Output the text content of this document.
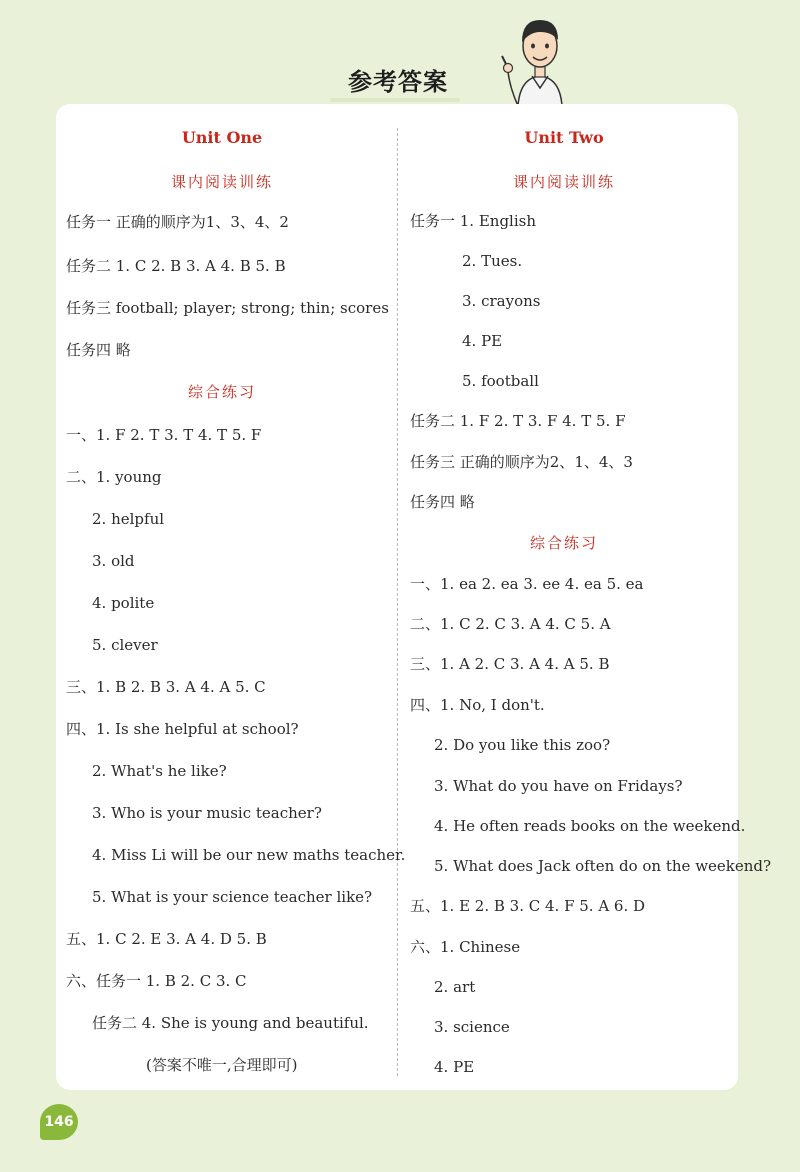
参考答案
Unit One
课内阅读训练
任务一 正确的顺序为1、3、4、2
任务二 1. C 2. B 3. A 4. B 5. B
任务三 football; player; strong; thin; scores
任务四 略
综合练习
一、1. F 2. T 3. T 4. T 5. F
二、1. young
2. helpful
3. old
4. polite
5. clever
三、1. B 2. B 3. A 4. A 5. C
四、1. Is she helpful at school?
2. What's he like?
3. Who is your music teacher?
4. Miss Li will be our new maths teacher.
5. What is your science teacher like?
五、1. C 2. E 3. A 4. D 5. B
六、任务一 1. B 2. C 3. C
任务二 4. She is young and beautiful.
(答案不唯一,合理即可)
Unit Two
课内阅读训练
任务一 1. English
2. Tues.
3. crayons
4. PE
5. football
任务二 1. F 2. T 3. F 4. T 5. F
任务三 正确的顺序为2、1、4、3
任务四 略
综合练习
一、1. ea 2. ea 3. ee 4. ea 5. ea
二、1. C 2. C 3. A 4. C 5. A
三、1. A 2. C 3. A 4. A 5. B
四、1. No, I don't.
2. Do you like this zoo?
3. What do you have on Fridays?
4. He often reads books on the weekend.
5. What does Jack often do on the weekend?
五、1. E 2. B 3. C 4. F 5. A 6. D
六、1. Chinese
2. art
3. science
4. PE
146
